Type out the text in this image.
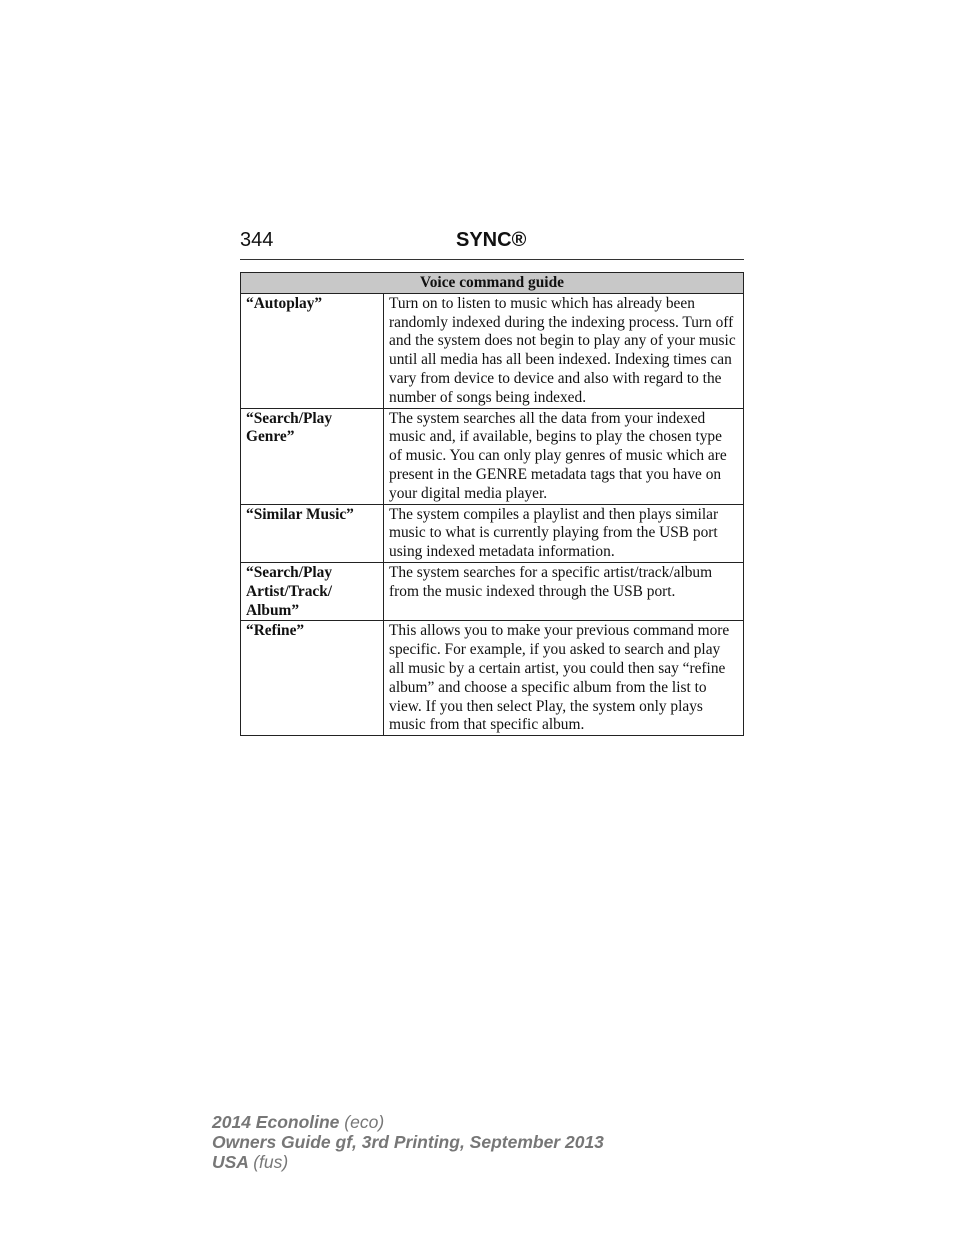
344	SYNC®
Voice command guide	
“Autoplay”	Turn on to listen to music which has already been randomly indexed during the indexing process. Turn off and the system does not begin to play any of your music until all media has all been indexed. Indexing times can vary from device to device and also with regard to the number of songs being indexed.
“Search/Play Genre”	The system searches all the data from your indexed music and, if available, begins to play the chosen type of music. You can only play genres of music which are present in the GENRE metadata tags that you have on your digital media player.
“Similar Music”	The system compiles a playlist and then plays similar music to what is currently playing from the USB port using indexed metadata information.
“Search/Play Artist/Track/ Album”	The system searches for a specific artist/track/album from the music indexed through the USB port.
“Refine”	This allows you to make your previous command more specific. For example, if you asked to search and play all music by a certain artist, you could then say “refine album” and choose a specific album from the list to view. If you then select Play, the system only plays music from that specific album.
2014 Econoline (eco)
Owners Guide gf, 3rd Printing, September 2013
USA (fus)
